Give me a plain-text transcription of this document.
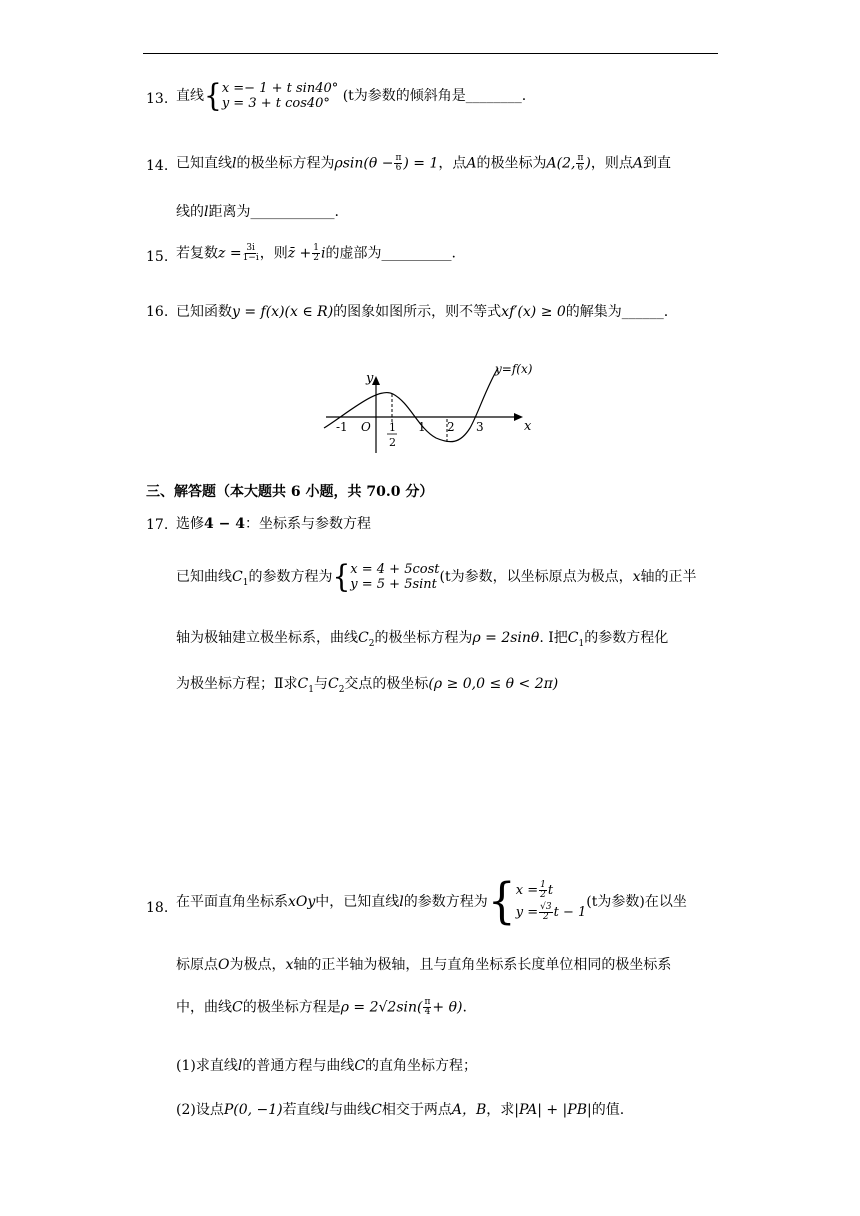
13. 直线{x =− 1 + t sin40°
y = 3 + t cos40° (t为参数的倾斜角是________.
14. 已知直线l的极坐标方程为$\rho\sin(\theta - \frac{\pi}{6}$ ) = 1，点A的极坐标为A(2, $\frac{\pi}{6}$ )，则点A到直
线的l距离为____________.
15. 若复数$z = \frac{3i}{1-i}$ ，则z̄ + $\frac{1}{2}$ i的虚部为__________.
16. 已知函数y = f(x)(x ∈ R)的图象如图所示，则不等式xf′(x) ≥ 0的解集为______.
y
x
y=f(x)
O
-1	1
2
1 2 3
三、解答题（本大题共 6 小题，共 70.0 分）
17. 选修4 − 4：坐标系与参数方程
已知曲线$C_1$的参数方程为{x = 4 + 5cost
y = 5 + 5sint (t为参数，以坐标原点为极点，x轴的正半
轴为极轴建立极坐标系，曲线$C_2$的极坐标方程为ρ = 2sinθ. Ⅰ把$C_1$的参数方程化
为极坐标方程；Ⅱ求$C_1$与$C_2$交点的极坐标(ρ ≥ 0,0 ≤ θ < 2π)
18. 在平面直角坐标系xOy中，已知直线l的参数方程为{$x = \frac{1}{2}$ t
$y = \frac{√3}{2}$ t − 1(t为参数)在以坐
标原点O为极点，x轴的正半轴为极轴，且与直角坐标系长度单位相同的极坐标系
中，曲线C的极坐标方程是$\rho = 2√2\sin( \frac{\pi}{4} + \theta)$.
(1)求直线l的普通方程与曲线C的直角坐标方程；
(2)设点P(0, −1)若直线l与曲线C相交于两点A，B，求|PA| + |PB|的值.
